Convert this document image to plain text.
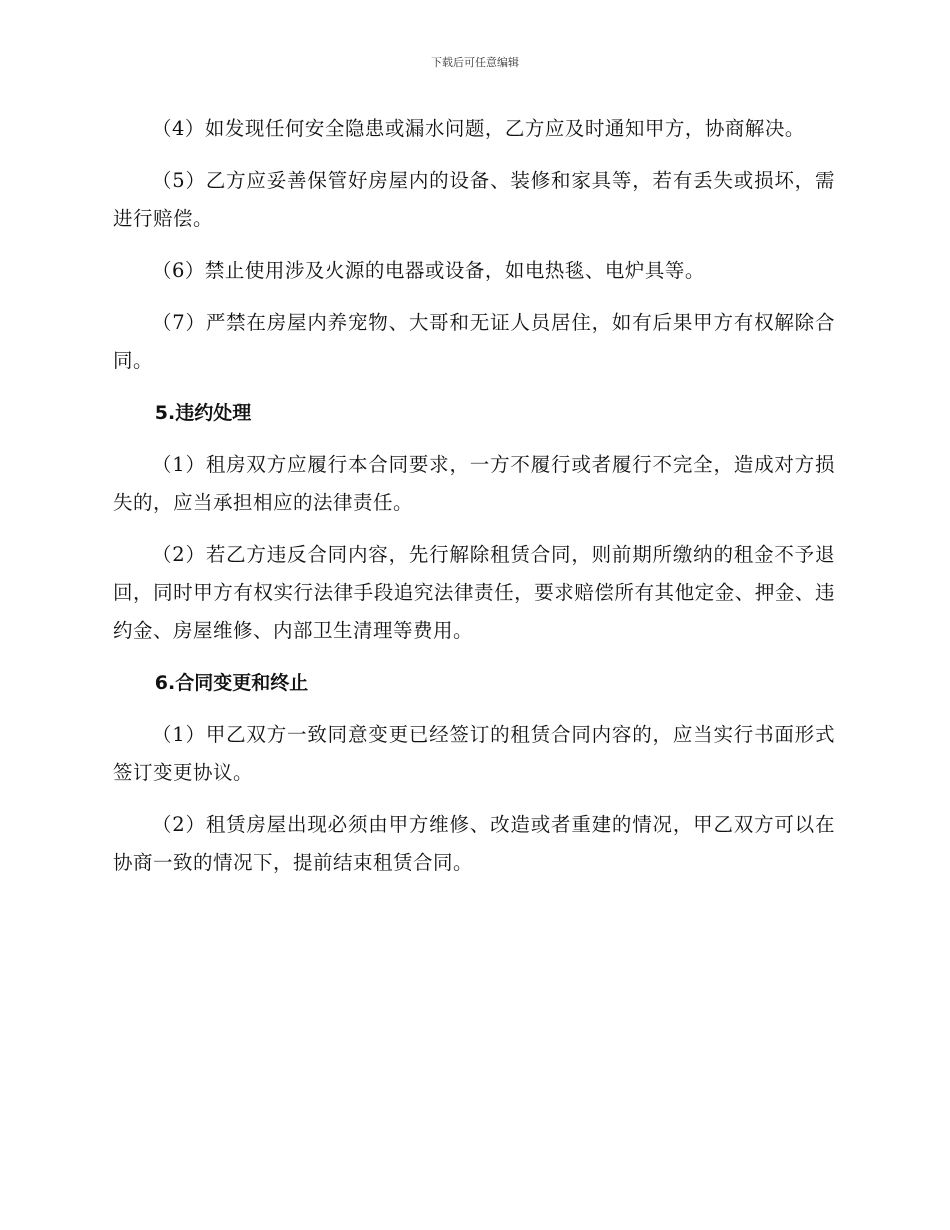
下载后可任意编辑

（4）如发现任何安全隐患或漏水问题，乙方应及时通知甲方，协商解决。

（5）乙方应妥善保管好房屋内的设备、装修和家具等，若有丢失或损坏，需进行赔偿。

（6）禁止使用涉及火源的电器或设备，如电热毯、电炉具等。

（7）严禁在房屋内养宠物、大哥和无证人员居住，如有后果甲方有权解除合同。

5.违约处理

（1）租房双方应履行本合同要求，一方不履行或者履行不完全，造成对方损失的，应当承担相应的法律责任。

（2）若乙方违反合同内容，先行解除租赁合同，则前期所缴纳的租金不予退回，同时甲方有权实行法律手段追究法律责任，要求赔偿所有其他定金、押金、违约金、房屋维修、内部卫生清理等费用。

6.合同变更和终止

（1）甲乙双方一致同意变更已经签订的租赁合同内容的，应当实行书面形式签订变更协议。

（2）租赁房屋出现必须由甲方维修、改造或者重建的情况，甲乙双方可以在协商一致的情况下，提前结束租赁合同。
